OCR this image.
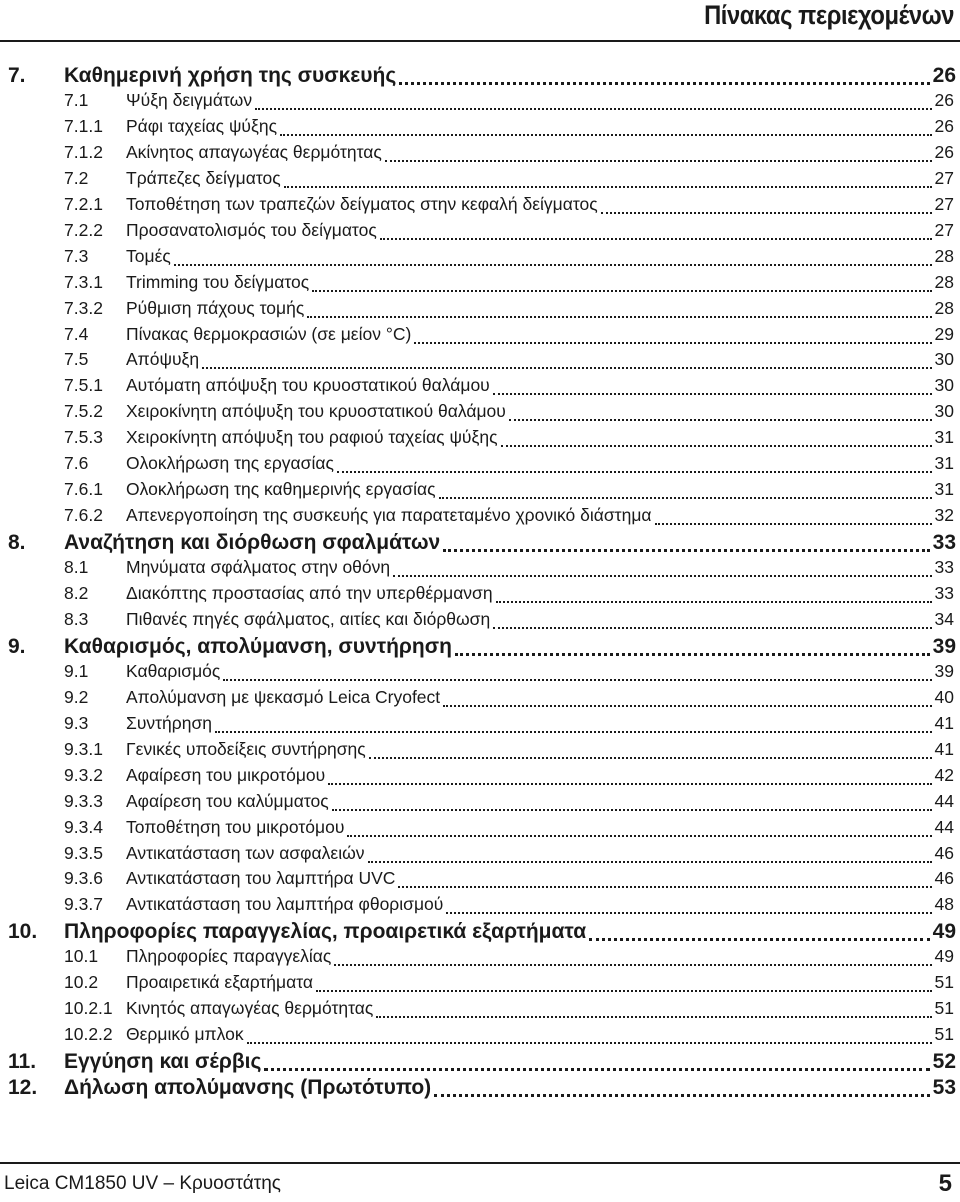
Πίνακας περιεχομένων
7.	Καθημερινή χρήση της συσκευής	26
7.1	Ψύξη δειγμάτων	26
7.1.1	Ράφι ταχείας ψύξης	26
7.1.2	Ακίνητος απαγωγέας θερμότητας	26
7.2	Τράπεζες δείγματος	27
7.2.1	Τοποθέτηση των τραπεζών δείγματος στην κεφαλή δείγματος	27
7.2.2	Προσανατολισμός του δείγματος	27
7.3	Τομές	28
7.3.1	Trimming του δείγματος	28
7.3.2	Ρύθμιση πάχους τομής	28
7.4	Πίνακας θερμοκρασιών (σε μείον °C)	29
7.5	Απόψυξη	30
7.5.1	Αυτόματη απόψυξη του κρυοστατικού θαλάμου	30
7.5.2	Χειροκίνητη απόψυξη του κρυοστατικού θαλάμου	30
7.5.3	Χειροκίνητη απόψυξη του ραφιού ταχείας ψύξης	31
7.6	Ολοκλήρωση της εργασίας	31
7.6.1	Ολοκλήρωση της καθημερινής εργασίας	31
7.6.2	Απενεργοποίηση της συσκευής για παρατεταμένο χρονικό διάστημα	32
8.	Αναζήτηση και διόρθωση σφαλμάτων	33
8.1	Μηνύματα σφάλματος στην οθόνη	33
8.2	Διακόπτης προστασίας από την υπερθέρμανση	33
8.3	Πιθανές πηγές σφάλματος, αιτίες και διόρθωση	34
9.	Καθαρισμός, απολύμανση, συντήρηση	39
9.1	Καθαρισμός	39
9.2	Απολύμανση με ψεκασμό Leica Cryofect	40
9.3	Συντήρηση	41
9.3.1	Γενικές υποδείξεις συντήρησης	41
9.3.2	Αφαίρεση του μικροτόμου	42
9.3.3	Αφαίρεση του καλύμματος	44
9.3.4	Τοποθέτηση του μικροτόμου	44
9.3.5	Αντικατάσταση των ασφαλειών	46
9.3.6	Αντικατάσταση του λαμπτήρα UVC	46
9.3.7	Αντικατάσταση του λαμπτήρα φθορισμού	48
10.	Πληροφορίες παραγγελίας, προαιρετικά εξαρτήματα	49
10.1	Πληροφορίες παραγγελίας	49
10.2	Προαιρετικά εξαρτήματα	51
10.2.1 Κινητός απαγωγέας θερμότητας	51
10.2.2 Θερμικό μπλοκ	51
11.	Εγγύηση και σέρβις	52
12.	Δήλωση απολύμανσης (Πρωτότυπο)	53
Leica CM1850 UV – Κρυοστάτης	5
